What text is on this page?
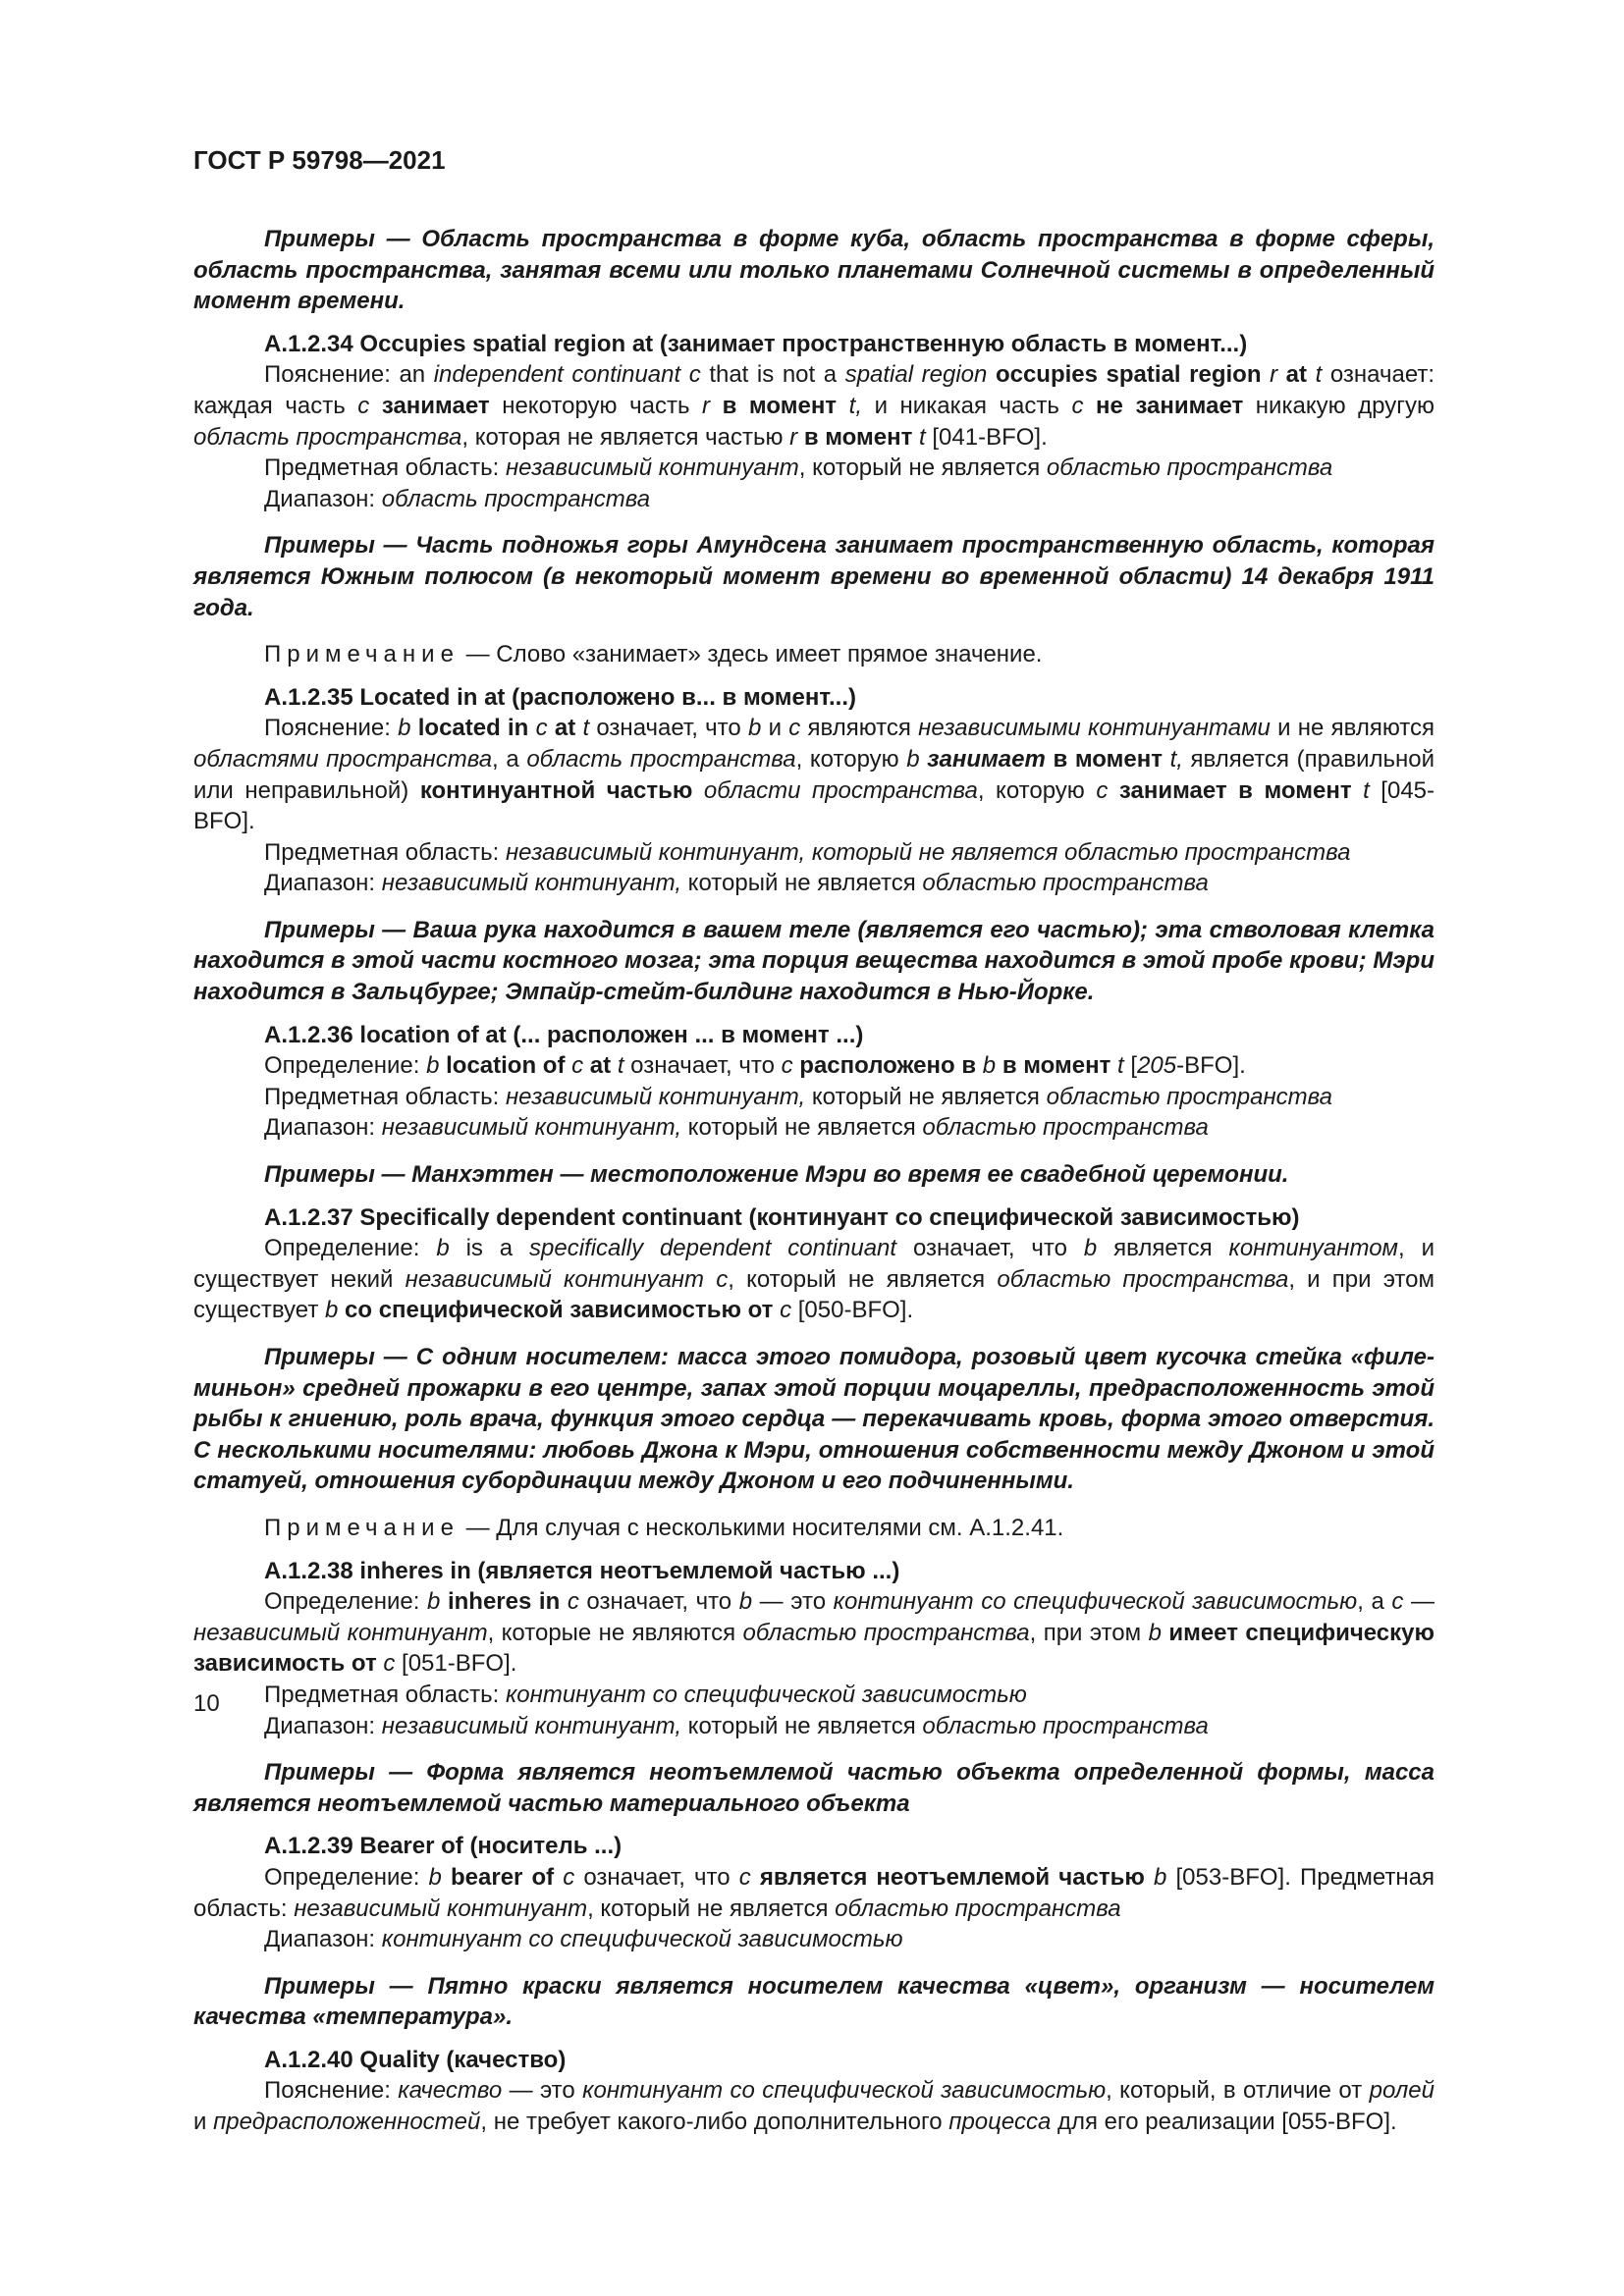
ГОСТ Р 59798—2021

Примеры — Область пространства в форме куба, область пространства в форме сферы, область пространства, занятая всеми или только планетами Солнечной системы в определенный момент времени.

A.1.2.34 Occupies spatial region at (занимает пространственную область в момент...)

Пояснение: an independent continuant c that is not a spatial region occupies spatial region r at t означает: каждая часть c занимает некоторую часть r в момент t, и никакая часть c не занимает никакую другую область пространства, которая не является частью r в момент t [041-BFO].

Предметная область: независимый континуант, который не является областью пространства

Диапазон: область пространства

Примеры — Часть подножья горы Амундсена занимает пространственную область, которая является Южным полюсом (в некоторый момент времени во временной области) 14 декабря 1911 года.

Примечание — Слово «занимает» здесь имеет прямое значение.

A.1.2.35 Located in at (расположено в... в момент...)

Пояснение: b located in c at t означает, что b и c являются независимыми континуантами и не являются областями пространства, а область пространства, которую b занимает в момент t, является (правильной или неправильной) континуантной частью области пространства, которую c занимает в момент t [045-BFO].

Предметная область: независимый континуант, который не является областью пространства

Диапазон: независимый континуант, который не является областью пространства

Примеры — Ваша рука находится в вашем теле (является его частью); эта стволовая клетка находится в этой части костного мозга; эта порция вещества находится в этой пробе крови; Мэри находится в Зальцбурге; Эмпайр-стейт-билдинг находится в Нью-Йорке.

A.1.2.36 location of at (... расположен ... в момент ...)

Определение: b location of c at t означает, что c расположено в b в момент t [205-BFO].

Предметная область: независимый континуант, который не является областью пространства

Диапазон: независимый континуант, который не является областью пространства

Примеры — Манхэттен — местоположение Мэри во время ее свадебной церемонии.

A.1.2.37 Specifically dependent continuant (континуант со специфической зависимостью)

Определение: b is a specifically dependent continuant означает, что b является континуантом, и существует некий независимый континуант c, который не является областью пространства, и при этом существует b со специфической зависимостью от c [050-BFO].

Примеры — С одним носителем: масса этого помидора, розовый цвет кусочка стейка «филе-миньон» средней прожарки в его центре, запах этой порции моцареллы, предрасположенность этой рыбы к гниению, роль врача, функция этого сердца — перекачивать кровь, форма этого отверстия. С несколькими носителями: любовь Джона к Мэри, отношения собственности между Джоном и этой статуей, отношения субординации между Джоном и его подчиненными.

Примечание — Для случая с несколькими носителями см. A.1.2.41.

A.1.2.38 inheres in (является неотъемлемой частью ...)

Определение: b inheres in c означает, что b — это континуант со специфической зависимостью, а c — независимый континуант, которые не являются областью пространства, при этом b имеет специфическую зависимость от c [051-BFO].

Предметная область: континуант со специфической зависимостью

Диапазон: независимый континуант, который не является областью пространства

Примеры — Форма является неотъемлемой частью объекта определенной формы, масса является неотъемлемой частью материального объекта

A.1.2.39 Bearer of (носитель ...)

Определение: b bearer of c означает, что c является неотъемлемой частью b [053-BFO]. Предметная область: независимый континуант, который не является областью пространства

Диапазон: континуант со специфической зависимостью

Примеры — Пятно краски является носителем качества «цвет», организм — носителем качества «температура».

A.1.2.40 Quality (качество)

Пояснение: качество — это континуант со специфической зависимостью, который, в отличие от ролей и предрасположенностей, не требует какого-либо дополнительного процесса для его реализации [055-BFO].

10
